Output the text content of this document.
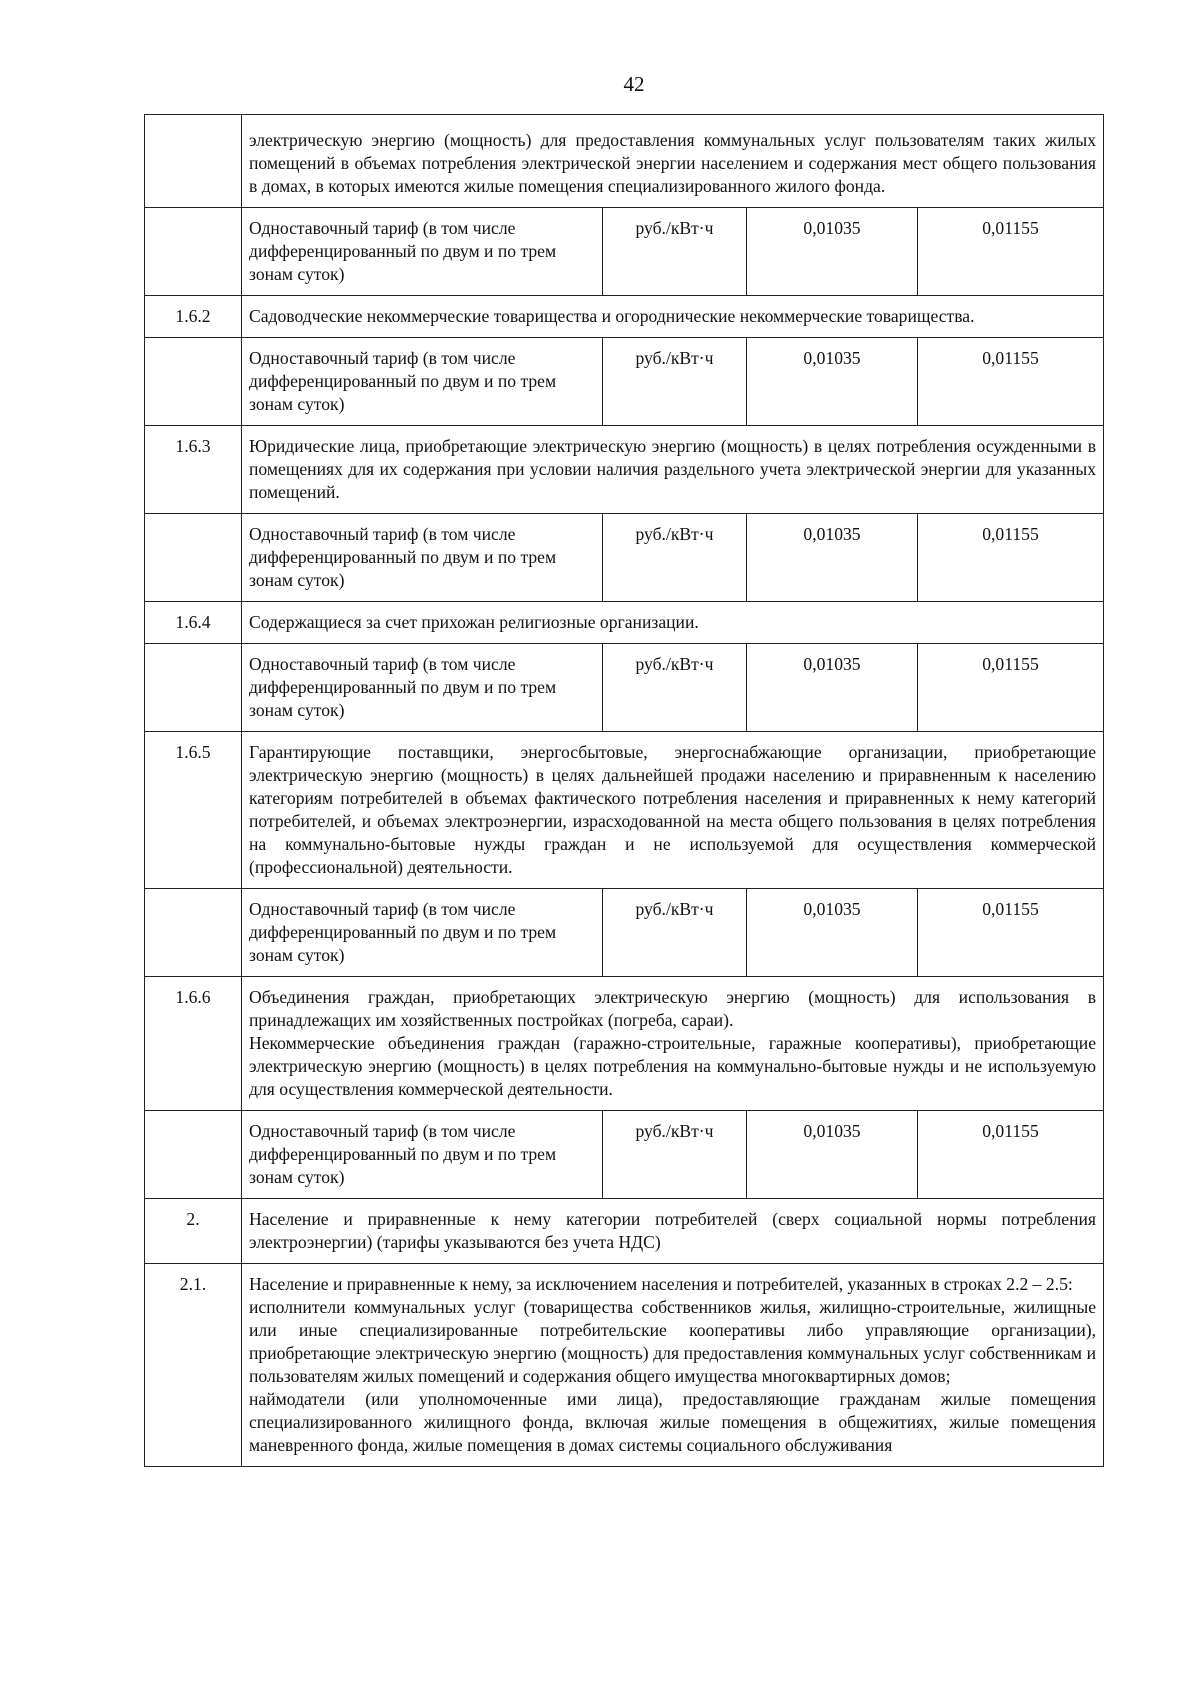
42

	электрическую энергию (мощность) для предоставления коммунальных услуг пользователям таких жилых помещений в объемах потребления электрической энергии населением и содержания мест общего пользования в домах, в которых имеются жилые помещения специализированного жилого фонда.			

	Одноставочный тариф (в том числе дифференцированный по двум и по трем зонам суток)	руб./кВт·ч	0,01035	0,01155
1.6.2	Садоводческие некоммерческие товарищества и огороднические некоммерческие товарищества.			

	Одноставочный тариф (в том числе дифференцированный по двум и по трем зонам суток)	руб./кВт·ч	0,01035	0,01155
1.6.3	Юридические лица, приобретающие электрическую энергию (мощность) в целях потребления осужденными в помещениях для их содержания при условии наличия раздельного учета электрической энергии для указанных помещений.			

	Одноставочный тариф (в том числе дифференцированный по двум и по трем зонам суток)	руб./кВт·ч	0,01035	0,01155
1.6.4	Содержащиеся за счет прихожан религиозные организации.			

	Одноставочный тариф (в том числе дифференцированный по двум и по трем зонам суток)	руб./кВт·ч	0,01035	0,01155
1.6.5	Гарантирующие поставщики, энергосбытовые, энергоснабжающие организации, приобретающие электрическую энергию (мощность) в целях дальнейшей продажи населению и приравненным к населению категориям потребителей в объемах фактического потребления населения и приравненных к нему категорий потребителей, и объемах электроэнергии, израсходованной на места общего пользования в целях потребления на коммунально-бытовые нужды граждан и не используемой для осуществления коммерческой (профессиональной) деятельности.			

	Одноставочный тариф (в том числе дифференцированный по двум и по трем зонам суток)	руб./кВт·ч	0,01035	0,01155
1.6.6	Объединения граждан, приобретающих электрическую энергию (мощность) для использования в принадлежащих им хозяйственных постройках (погреба, сараи).

Некоммерческие объединения граждан (гаражно-строительные, гаражные кооперативы), приобретающие электрическую энергию (мощность) в целях потребления на коммунально-бытовые нужды и не используемую для осуществления коммерческой деятельности.			

	Одноставочный тариф (в том числе дифференцированный по двум и по трем зонам суток)	руб./кВт·ч	0,01035	0,01155
2.	Население и приравненные к нему категории потребителей (сверх социальной нормы потребления электроэнергии) (тарифы указываются без учета НДС)			

2.1.	Население и приравненные к нему, за исключением населения и потребителей, указанных в строках 2.2 – 2.5:

исполнители коммунальных услуг (товарищества собственников жилья, жилищно-строительные, жилищные или иные специализированные потребительские кооперативы либо управляющие организации), приобретающие электрическую энергию (мощность) для предоставления коммунальных услуг собственникам и пользователям жилых помещений и содержания общего имущества многоквартирных домов;

наймодатели (или уполномоченные ими лица), предоставляющие гражданам жилые помещения специализированного жилищного фонда, включая жилые помещения в общежитиях, жилые помещения маневренного фонда, жилые помещения в домах системы социального обслуживания			
